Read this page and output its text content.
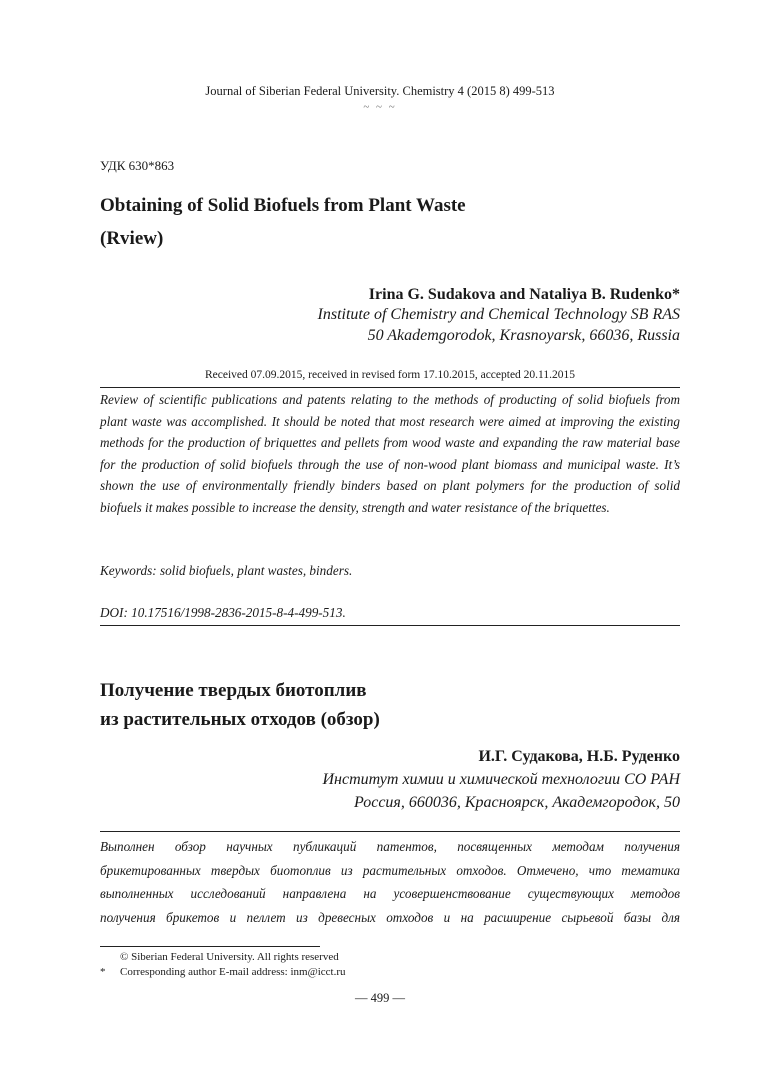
Journal of Siberian Federal University. Chemistry 4 (2015 8) 499-513
~ ~ ~
УДК 630*863
Obtaining of Solid Biofuels from Plant Waste
(Rview)
Irina G. Sudakova and Nataliya B. Rudenko*
Institute of Chemistry and Chemical Technology SB RAS
50 Akademgorodok, Krasnoyarsk, 66036, Russia
Received 07.09.2015, received in revised form 17.10.2015, accepted 20.11.2015
Review of scientific publications and patents relating to the methods of producting of solid biofuels from plant waste was accomplished. It should be noted that most research were aimed at improving the existing methods for the production of briquettes and pellets from wood waste and expanding the raw material base for the production of solid biofuels through the use of non-wood plant biomass and municipal waste. It’s shown the use of environmentally friendly binders based on plant polymers for the production of solid biofuels it makes possible to increase the density, strength and water resistance of the briquettes.
Keywords: solid biofuels, plant wastes, binders.
DOI: 10.17516/1998-2836-2015-8-4-499-513.
Получение твердых биотоплив
из растительных отходов (обзор)
И.Г. Судакова, Н.Б. Руденко
Институт химии и химической технологии СО РАН
Россия, 660036, Красноярск, Академгородок, 50
Выполнен обзор научных публикаций патентов, посвященных методам получения
брикетированных твердых биотоплив из растительных отходов. Отмечено, что тематика
выполненных исследований направлена на усовершенствование существующих методов
получения брикетов и пеллет из древесных отходов и на расширение сырьевой базы для
© Siberian Federal University. All rights reserved
* Corresponding author E-mail address: inm@icct.ru
— 499 —
